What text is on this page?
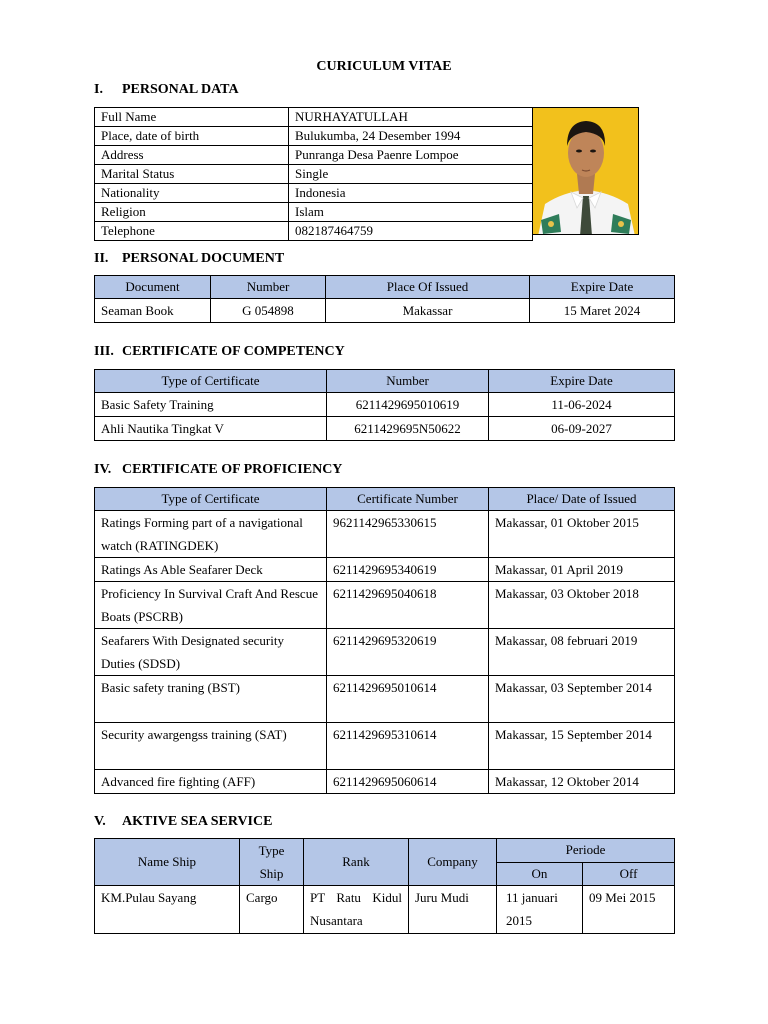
CURICULUM VITAE
I. PERSONAL DATA
Full Name	NURHAYATULLAH
Place, date of birth	Bulukumba, 24 Desember 1994
Address	Punranga Desa Paenre Lompoe
Marital Status	Single
Nationality	Indonesia
Religion	Islam
Telephone	082187464759
II. PERSONAL DOCUMENT
Document	Number	Place Of Issued	Expire Date
Seaman Book	G 054898	Makassar	15 Maret 2024
III. CERTIFICATE OF COMPETENCY
Type of Certificate	Number	Expire Date
Basic Safety Training	6211429695010619	11-06-2024
Ahli Nautika Tingkat V	6211429695N50622	06-09-2027
IV. CERTIFICATE OF PROFICIENCY
Type of Certificate	Certificate Number	Place/ Date of Issued
Ratings Forming part of a navigational watch (RATINGDEK)	9621142965330615	Makassar, 01 Oktober 2015
Ratings As Able Seafarer Deck	6211429695340619	Makassar, 01 April 2019
Proficiency In Survival Craft And Rescue Boats (PSCRB)	6211429695040618	Makassar, 03 Oktober 2018
Seafarers With Designated security Duties (SDSD)	6211429695320619	Makassar, 08 februari 2019
Basic safety traning (BST)	6211429695010614	Makassar, 03 September 2014
Security awargengss training (SAT)	6211429695310614	Makassar, 15 September 2014
Advanced fire fighting (AFF)	6211429695060614	Makassar, 12 Oktober 2014
V. AKTIVE SEA SERVICE
Name Ship	Type Ship	Rank	Company	Periode	
				On	Off
KM.Pulau Sayang	Cargo	PT Ratu Kidul Nusantara	Juru Mudi	11 januari 2015	09 Mei 2015
